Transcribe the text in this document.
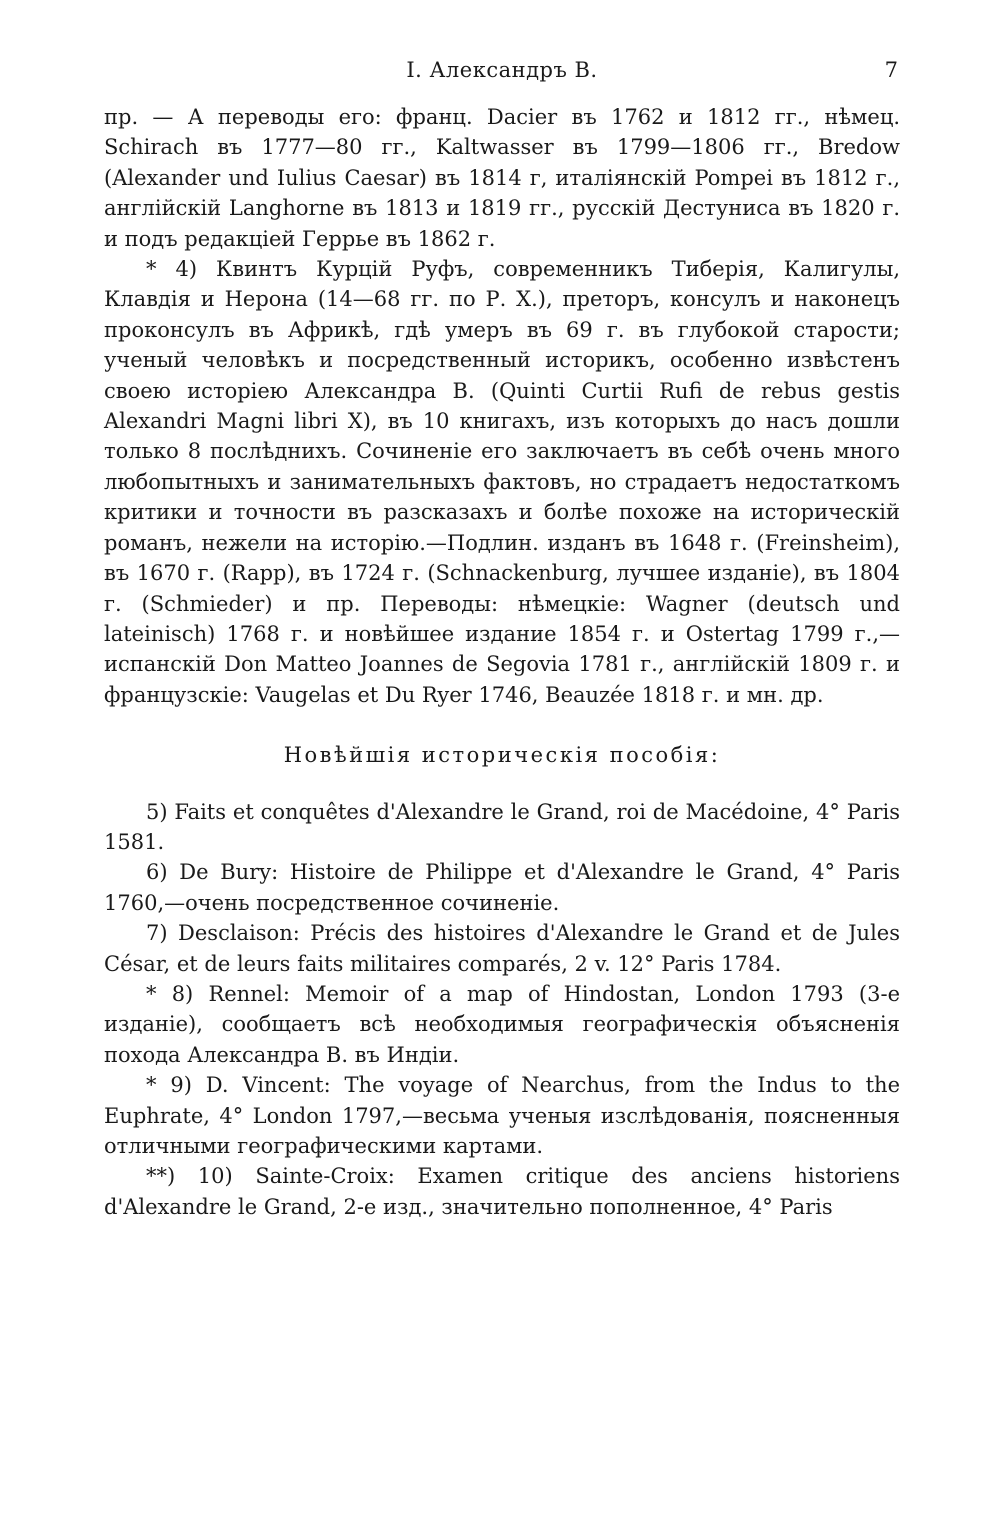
I. Александръ В.	7

пр. — А переводы его: франц. Dacier въ 1762 и 1812 гг., нѣмец. Schirach въ 1777—80 гг., Kaltwasser въ 1799—1806 гг., Bredow (Alexander und Iulius Caesar) въ 1814 г, италіянскій Pompei въ 1812 г., англійскій Langhorne въ 1813 и 1819 гг., русскій Дестуниса въ 1820 г. и подъ редакціей Геррье въ 1862 г.

* 4) Квинтъ Курцій Руфъ, современникъ Тиберія, Калигулы, Клавдія и Нерона (14—68 гг. по Р. Х.), преторъ, консулъ и наконецъ проконсулъ въ Африкѣ, гдѣ умеръ въ 69 г. въ глубокой старости; ученый человѣкъ и посредственный историкъ, особенно извѣстенъ своею исторіею Александра В. (Quinti Curtii Rufi de rebus gestis Alexandri Magni libri X), въ 10 книгахъ, изъ которыхъ до насъ дошли только 8 послѣднихъ. Сочиненіе его заключаетъ въ себѣ очень много любопытныхъ и занимательныхъ фактовъ, но страдаетъ недостаткомъ критики и точности въ разсказахъ и болѣе похоже на историческій романъ, нежели на исторію.—Подлин. изданъ въ 1648 г. (Freinsheim), въ 1670 г. (Rapp), въ 1724 г. (Schnackenburg, лучшее изданіе), въ 1804 г. (Schmieder) и пр. Переводы: нѣмецкіе: Wagner (deutsch und lateinisch) 1768 г. и новѣйшее издание 1854 г. и Ostertag 1799 г.,—испанскій Don Matteo Joannes de Segovia 1781 г., англійскій 1809 г. и французскіе: Vaugelas et Du Ryer 1746, Beauzée 1818 г. и мн. др.

Новѣйшія историческія пособія:

5) Faits et conquêtes d'Alexandre le Grand, roi de Macédoine, 4° Paris 1581.

6) De Bury: Histoire de Philippe et d'Alexandre le Grand, 4° Paris 1760,—очень посредственное сочиненіе.

7) Desclaison: Précis des histoires d'Alexandre le Grand et de Jules César, et de leurs faits militaires comparés, 2 v. 12° Paris 1784.

* 8) Rennel: Memoir of a map of Hindostan, London 1793 (3-е изданіе), сообщаетъ всѣ необходимыя географическія объясненія похода Александра В. въ Индіи.

* 9) D. Vincent: The voyage of Nearchus, from the Indus to the Euphrate, 4° London 1797,—весьма ученыя изслѣдованія, поясненныя отличными географическими картами.

**) 10) Sainte-Croix: Examen critique des anciens historiens d'Alexandre le Grand, 2-е изд., значительно пополненное, 4° Paris
